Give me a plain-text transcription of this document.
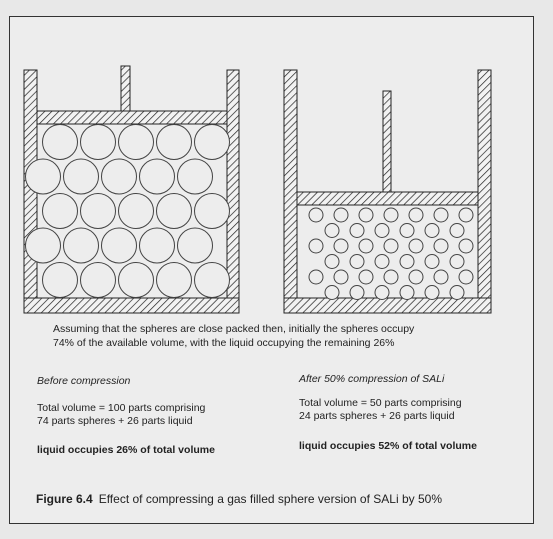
Assuming that the spheres are close packed then, initially the spheres occupy
74% of the available volume, with the liquid occupying the remaining 26%
Before compression
Total volume = 100 parts comprising
74 parts spheres + 26 parts liquid
liquid occupies 26% of total volume
After 50% compression of SALi
Total volume = 50 parts comprising
24 parts spheres + 26 parts liquid
liquid occupies 52% of total volume
Figure 6.4 Effect of compressing a gas filled sphere version of SALi by 50%
